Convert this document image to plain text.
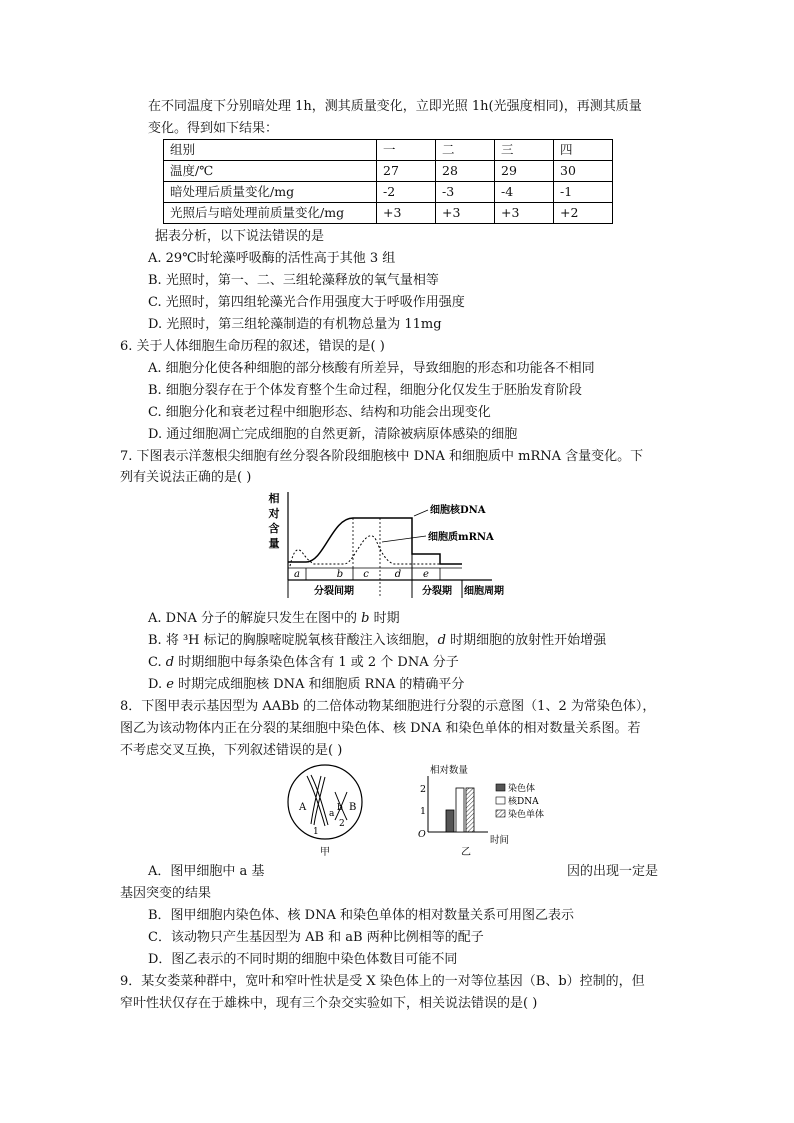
在不同温度下分别暗处理 1h，测其质量变化，立即光照 1h(光强度相同)，再测其质量
变化。得到如下结果：
组别	一	二	三	四
温度/℃	27	28	29	30
暗处理后质量变化/mg	-2	-3	-4	-1
光照后与暗处理前质量变化/mg	+3	+3	+3	+2
据表分析，以下说法错误的是
A. 29℃时轮藻呼吸酶的活性高于其他 3 组
B. 光照时，第一、二、三组轮藻释放的氧气量相等
C. 光照时，第四组轮藻光合作用强度大于呼吸作用强度
D. 光照时，第三组轮藻制造的有机物总量为 11mg
6. 关于人体细胞生命历程的叙述，错误的是( )
A. 细胞分化使各种细胞的部分核酸有所差异，导致细胞的形态和功能各不相同
B. 细胞分裂存在于个体发育整个生命过程，细胞分化仅发生于胚胎发育阶段
C. 细胞分化和衰老过程中细胞形态、结构和功能会出现变化
D. 通过细胞凋亡完成细胞的自然更新，清除被病原体感染的细胞
7. 下图表示洋葱根尖细胞有丝分裂各阶段细胞核中 DNA 和细胞质中 mRNA 含量变化。下
列有关说法正确的是( )
相
对
含
量
细胞核DNA
细胞质mRNA
a	b c	d e
分裂间期	分裂期 细胞周期
A. DNA 分子的解旋只发生在图中的 b 时期
B. 将 ³H 标记的胸腺嘧啶脱氧核苷酸注入该细胞，d 时期细胞的放射性开始增强
C. d 时期细胞中每条染色体含有 1 或 2 个 DNA 分子
D. e 时期完成细胞核 DNA 和细胞质 RNA 的精确平分
8．下图甲表示基因型为 AABb 的二倍体动物某细胞进行分裂的示意图（1、2 为常染色体），
图乙为该动物体内正在分裂的某细胞中染色体、核 DNA 和染色单体的相对数量关系图。若
不考虑交叉互换，下列叙述错误的是( )
A
a
B
b
1
2
甲
相对数量
2
1
O
时间
染色体
核DNA
染色单体
乙
A．图甲细胞中 a 基	因的出现一定是
基因突变的结果
B．图甲细胞内染色体、核 DNA 和染色单体的相对数量关系可用图乙表示
C．该动物只产生基因型为 AB 和 aB 两种比例相等的配子
D．图乙表示的不同时期的细胞中染色体数目可能不同
9．某女娄菜种群中，宽叶和窄叶性状是受 X 染色体上的一对等位基因（B、b）控制的，但
窄叶性状仅存在于雄株中，现有三个杂交实验如下，相关说法错误的是( )
